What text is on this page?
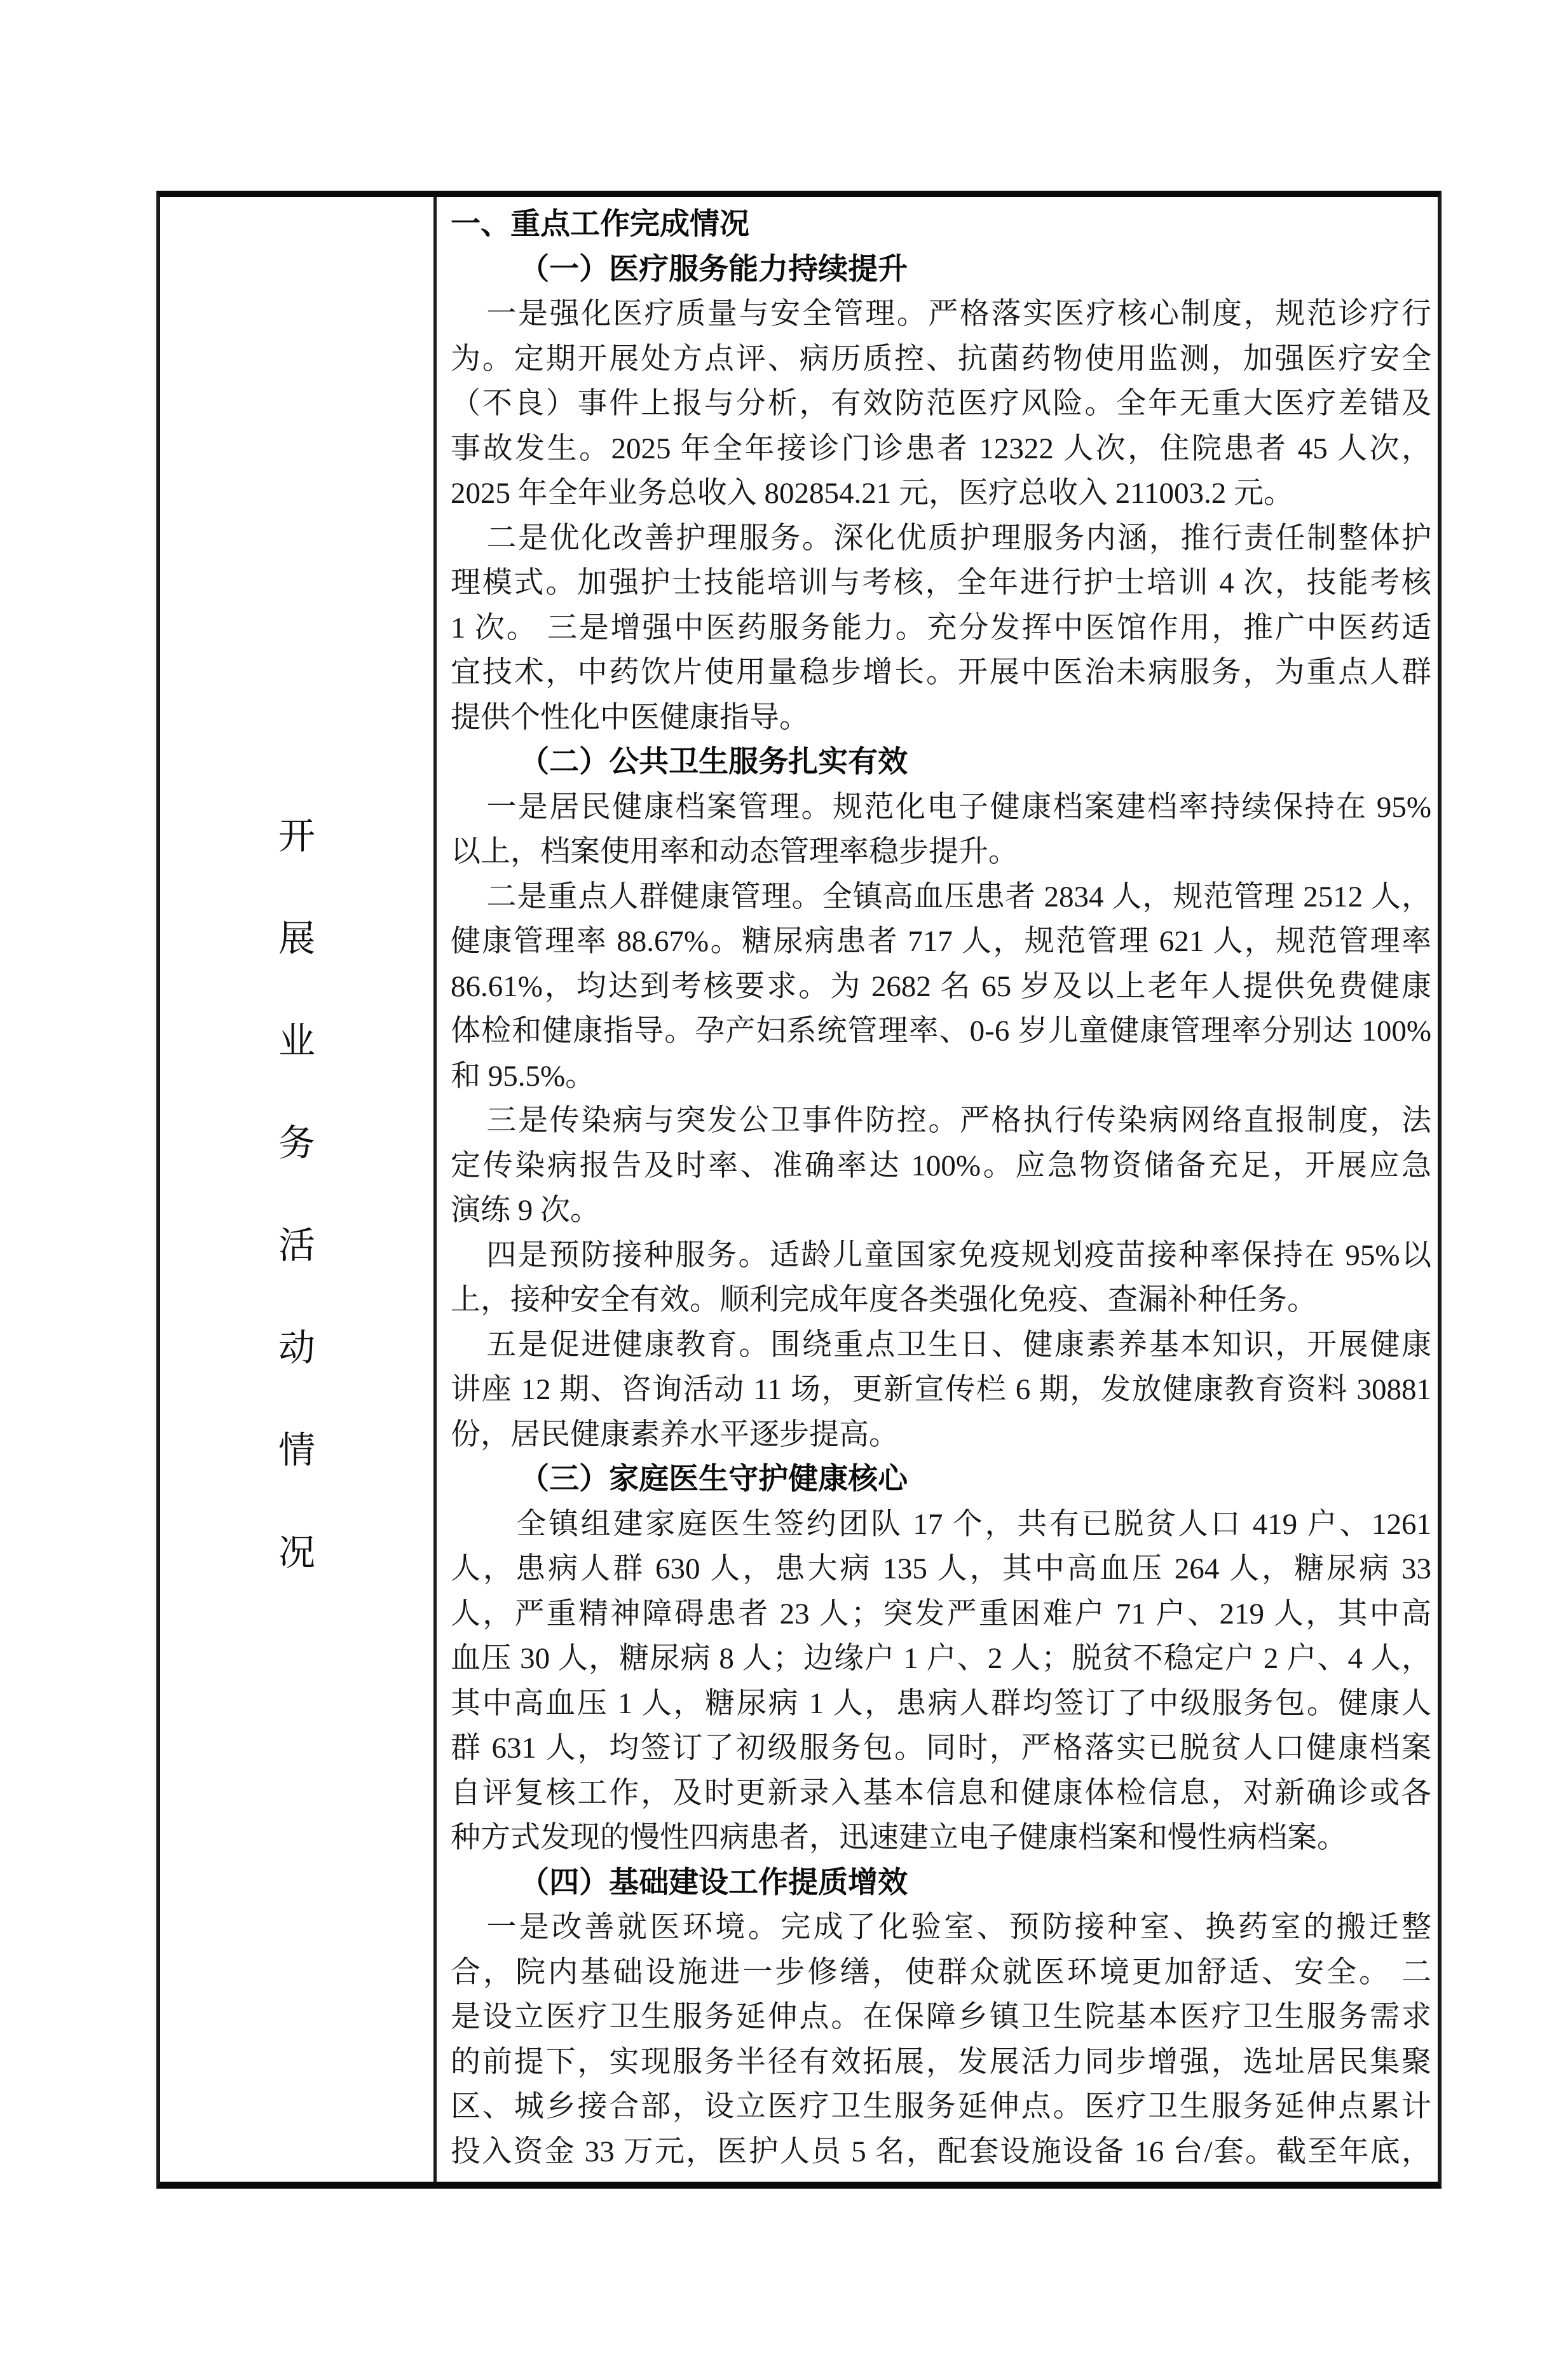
开
展
业
务
活
动
情
况
一、重点工作完成情况
（一）医疗服务能力持续提升
一是强化医疗质量与安全管理。严格落实医疗核心制度，规范诊疗行
为。定期开展处方点评、病历质控、抗菌药物使用监测，加强医疗安全
（不良）事件上报与分析，有效防范医疗风险。全年无重大医疗差错及
事故发生。2025 年全年接诊门诊患者 12322 人次，住院患者 45 人次，
2025 年全年业务总收入 802854.21 元，医疗总收入 211003.2 元。
二是优化改善护理服务。深化优质护理服务内涵，推行责任制整体护
理模式。加强护士技能培训与考核，全年进行护士培训 4 次，技能考核
1 次。 三是增强中医药服务能力。充分发挥中医馆作用，推广中医药适
宜技术，中药饮片使用量稳步增长。开展中医治未病服务，为重点人群
提供个性化中医健康指导。
（二）公共卫生服务扎实有效
一是居民健康档案管理。规范化电子健康档案建档率持续保持在 95%
以上，档案使用率和动态管理率稳步提升。
二是重点人群健康管理。全镇高血压患者 2834 人，规范管理 2512 人，
健康管理率 88.67%。糖尿病患者 717 人，规范管理 621 人，规范管理率
86.61%，均达到考核要求。为 2682 名 65 岁及以上老年人提供免费健康
体检和健康指导。孕产妇系统管理率、0-6 岁儿童健康管理率分别达 100%
和 95.5%。
三是传染病与突发公卫事件防控。严格执行传染病网络直报制度，法
定传染病报告及时率、准确率达 100%。应急物资储备充足，开展应急
演练 9 次。
四是预防接种服务。适龄儿童国家免疫规划疫苗接种率保持在 95%以
上，接种安全有效。顺利完成年度各类强化免疫、查漏补种任务。
五是促进健康教育。围绕重点卫生日、健康素养基本知识，开展健康
讲座 12 期、咨询活动 11 场，更新宣传栏 6 期，发放健康教育资料 30881
份，居民健康素养水平逐步提高。
（三）家庭医生守护健康核心
全镇组建家庭医生签约团队 17 个，共有已脱贫人口 419 户、1261
人，患病人群 630 人，患大病 135 人，其中高血压 264 人，糖尿病 33
人，严重精神障碍患者 23 人；突发严重困难户 71 户、219 人，其中高
血压 30 人，糖尿病 8 人；边缘户 1 户、2 人；脱贫不稳定户 2 户、4 人，
其中高血压 1 人，糖尿病 1 人，患病人群均签订了中级服务包。健康人
群 631 人，均签订了初级服务包。同时，严格落实已脱贫人口健康档案
自评复核工作，及时更新录入基本信息和健康体检信息，对新确诊或各
种方式发现的慢性四病患者，迅速建立电子健康档案和慢性病档案。
（四）基础建设工作提质增效
一是改善就医环境。完成了化验室、预防接种室、换药室的搬迁整
合，院内基础设施进一步修缮，使群众就医环境更加舒适、安全。 二
是设立医疗卫生服务延伸点。在保障乡镇卫生院基本医疗卫生服务需求
的前提下，实现服务半径有效拓展，发展活力同步增强，选址居民集聚
区、城乡接合部，设立医疗卫生服务延伸点。医疗卫生服务延伸点累计
投入资金 33 万元，医护人员 5 名，配套设施设备 16 台/套。截至年底，
